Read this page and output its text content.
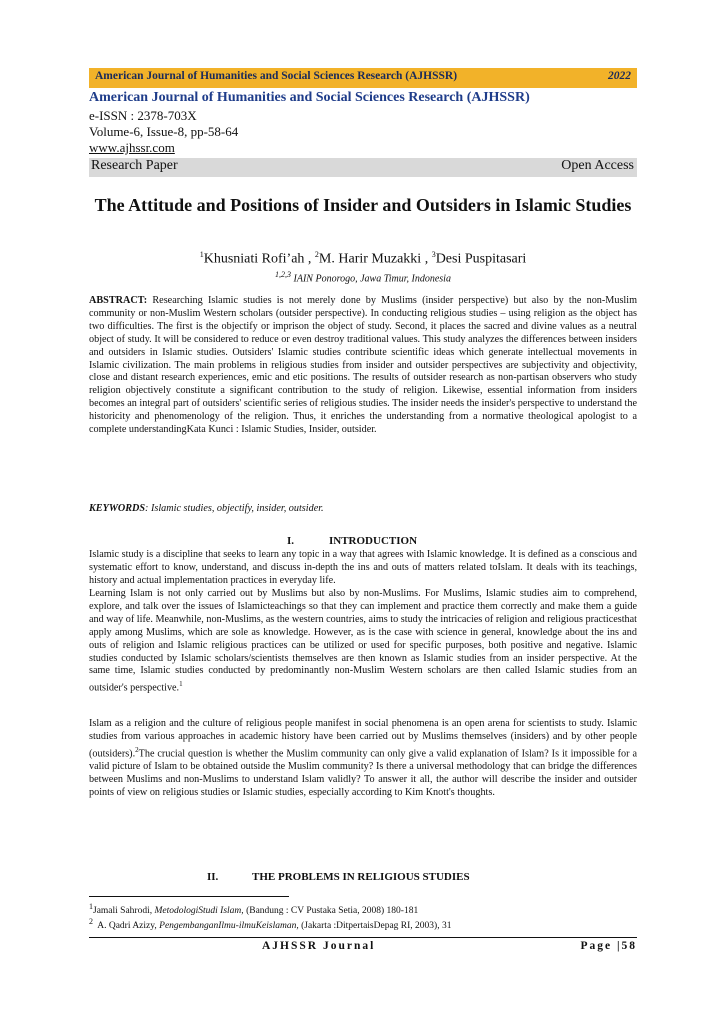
American Journal of Humanities and Social Sciences Research (AJHSSR)	2022
American Journal of Humanities and Social Sciences Research (AJHSSR)
e-ISSN : 2378-703X
Volume-6, Issue-8, pp-58-64
www.ajhssr.com
Research Paper	Open Access
The Attitude and Positions of Insider and Outsiders in Islamic Studies
$^1$Khusniati Rofi’ah , $^2$M. Harir Muzakki , $^3$Desi Puspitasari
$^{1,2,3}$ IAIN Ponorogo, Jawa Timur, Indonesia
ABSTRACT: Researching Islamic studies is not merely done by Muslims (insider perspective) but also by the non-Muslim community or non-Muslim Western scholars (outsider perspective). In conducting religious studies – using religion as the object has two difficulties. The first is the objectify or imprison the object of study. Second, it places the sacred and divine values as a neutral object of study. It will be considered to reduce or even destroy traditional values. This study analyzes the differences between insiders and outsiders in Islamic studies. Outsiders' Islamic studies contribute scientific ideas which generate intellectual movements in Islamic civilization. The main problems in religious studies from insider and outsider perspectives are subjectivity and objectivity, close and distant research experiences, emic and etic positions. The results of outsider research as non-partisan observers who study religion objectively constitute a significant contribution to the study of religion. Likewise, essential information from insiders becomes an integral part of outsiders' scientific series of religious studies. The insider needs the insider's perspective to understand the historicity and phenomenology of the religion. Thus, it enriches the understanding from a normative theological apologist to a complete understandingKata Kunci : Islamic Studies, Insider, outsider.
KEYWORDS: Islamic studies, objectify, insider, outsider.
I.	INTRODUCTION
Islamic study is a discipline that seeks to learn any topic in a way that agrees with Islamic knowledge. It is defined as a conscious and systematic effort to know, understand, and discuss in-depth the ins and outs of matters related toIslam. It deals with its teachings, history and actual implementation practices in everyday life.
Learning Islam is not only carried out by Muslims but also by non-Muslims. For Muslims, Islamic studies aim to comprehend, explore, and talk over the issues of Islamicteachings so that they can implement and practice them correctly and make them a guide and way of life. Meanwhile, non-Muslims, as the western countries, aims to study the intricacies of religion and religious practicesthat apply among Muslims, which are sole as knowledge. However, as is the case with science in general, knowledge about the ins and outs of religion and Islamic religious practices can be utilized or used for specific purposes, both positive and negative. Islamic studies conducted by Islamic scholars/scientists themselves are then known as Islamic studies from an insider perspective. At the same time, Islamic studies conducted by predominantly non-Muslim Western scholars are then called Islamic studies from an outsider's perspective.$^1$
Islam as a religion and the culture of religious people manifest in social phenomena is an open arena for scientists to study. Islamic studies from various approaches in academic history have been carried out by Muslims themselves (insiders) and by other people (outsiders).$^2$The crucial question is whether the Muslim community can only give a valid explanation of Islam? Is it impossible for a valid picture of Islam to be obtained outside the Muslim community? Is there a universal methodology that can bridge the differences between Muslims and non-Muslims to understand Islam validly? To answer it all, the author will describe the insider and outsider points of view on religious studies or Islamic studies, especially according to Kim Knott's thoughts.
II.	THE PROBLEMS IN RELIGIOUS STUDIES
$^1$Jamali Sahrodi, MetodologiStudi Islam, (Bandung : CV Pustaka Setia, 2008) 180-181
$^2$  A. Qadri Azizy, PengembanganIlmu-ilmuKeislaman, (Jakarta :DitpertaisDepag RI, 2003), 31
AJHSSR Journal	Page |58
